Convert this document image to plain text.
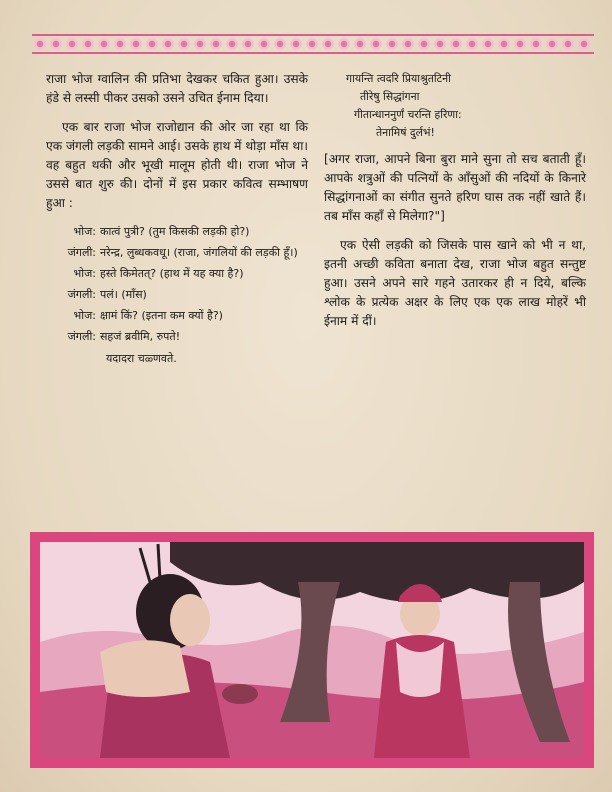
राजा भोज ग्वालिन की प्रतिभा देखकर चकित हुआ। उसके हंडे से लस्सी पीकर उसको उसने उचित ईनाम दिया।

एक बार राजा भोज राजोद्यान की ओर जा रहा था कि एक जंगली लड़की सामने आई। उसके हाथ में थोड़ा माँस था। वह बहुत थकी और भूखी मालूम होती थी। राजा भोज ने उससे बात शुरु की। दोनों में इस प्रकार कवित्व सम्भाषण हुआ :

भोज: कात्वं पुत्री? (तुम किसकी लड़की हो?)
जंगली: नरेन्द्र, लुब्धकवधू। (राजा, जंगलियों की लड़की हूँ।)
भोज: हस्ते किमेतत्? (हाथ में यह क्या है?)
जंगली: पलं। (माँस)
भोज: क्षामं किं? (इतना कम क्यों है?)
जंगली: सहजं ब्रवीमि, रुपते!
यदादरा चळ्णवते.
गायन्ति त्वदरि प्रियाश्रुतटिनी
तीरेषु सिद्धांगना
गीतान्धाननुर्णं चरन्ति हरिणा:
तेनामिषं दुर्लभं!

[अगर राजा, आपने बिना बुरा माने सुना तो सच बताती हूँ। आपके शत्रुओं की पत्नियों के आँसुओं की नदियों के किनारे सिद्धांगनाओं का संगीत सुनते हरिण घास तक नहीं खाते हैं। तब माँस कहाँ से मिलेगा?"]

एक ऐसी लड़की को जिसके पास खाने को भी न था, इतनी अच्छी कविता बनाता देख, राजा भोज बहुत सन्तुष्ट हुआ। उसने अपने सारे गहने उतारकर ही न दिये, बल्कि श्लोक के प्रत्येक अक्षर के लिए एक एक लाख मोहरें भी ईनाम में दीं।
